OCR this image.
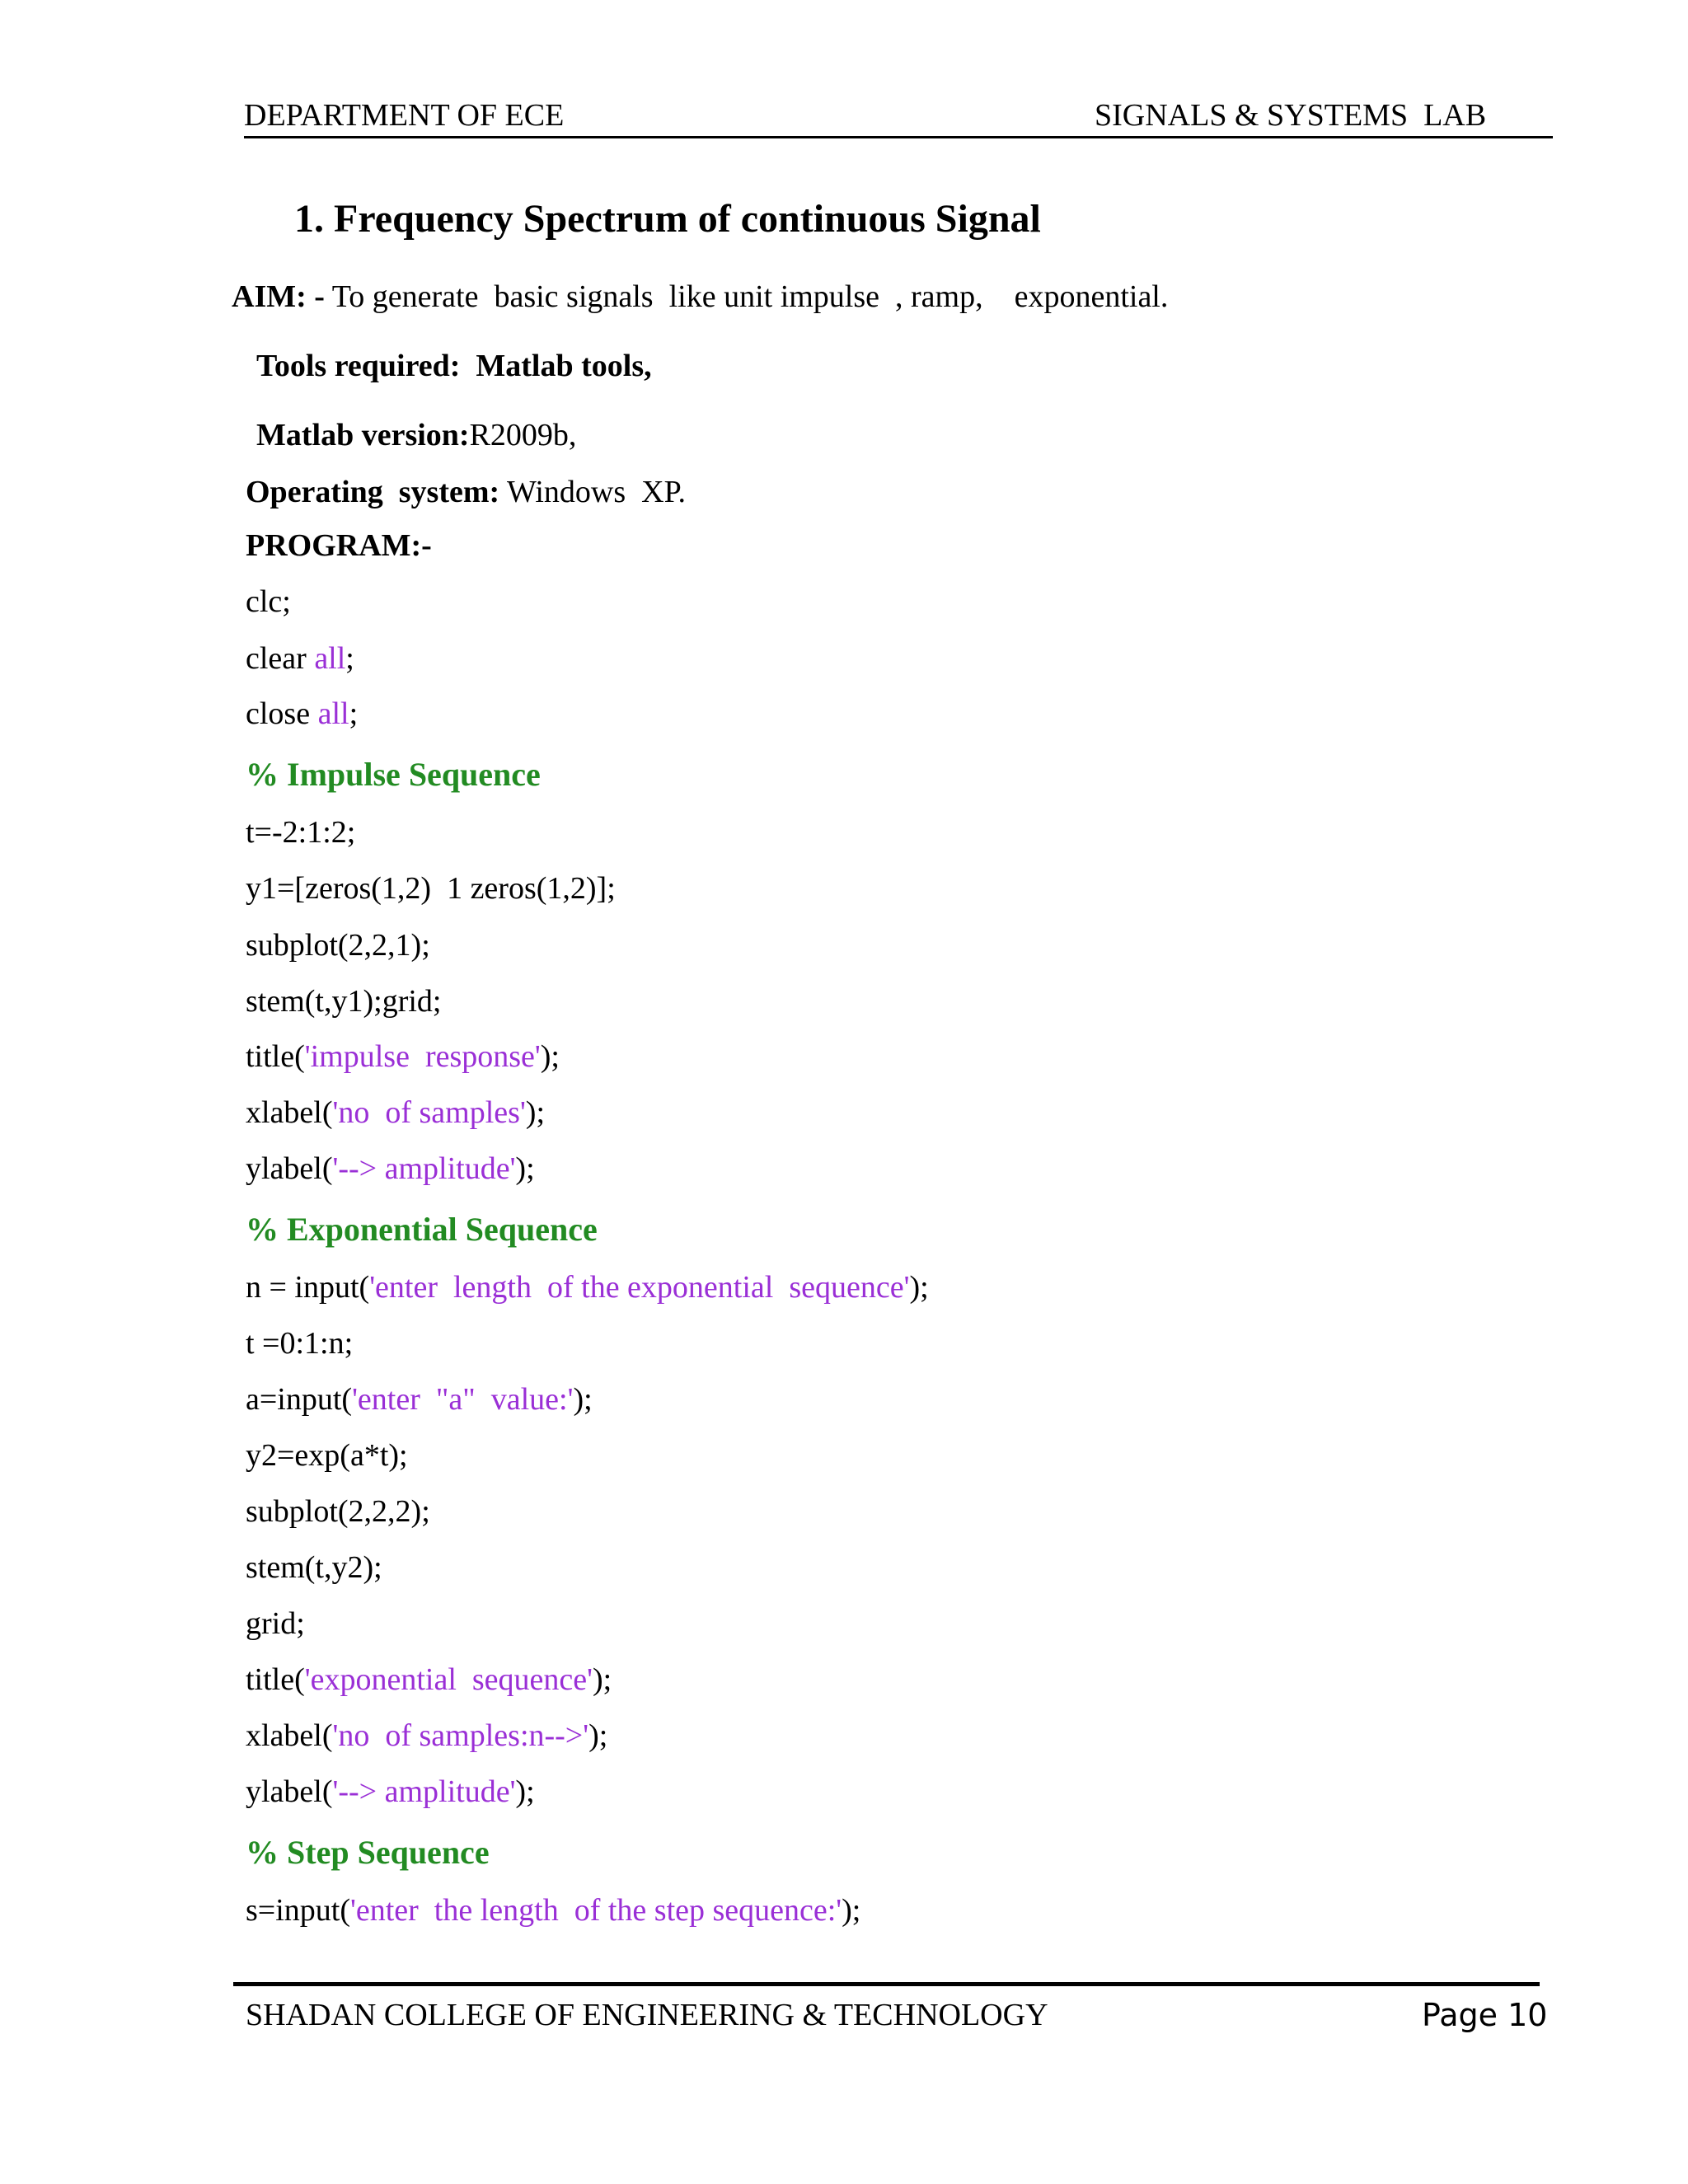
DEPARTMENT OF ECE	SIGNALS & SYSTEMS  LAB
1. Frequency Spectrum of continuous Signal
AIM: - To generate  basic signals  like unit impulse  , ramp,    exponential.
Tools required:  Matlab tools,
Matlab version:R2009b,
Operating  system: Windows  XP.
PROGRAM:-
clc;
clear all;
close all;
% Impulse Sequence
t=-2:1:2;
y1=[zeros(1,2)  1 zeros(1,2)];
subplot(2,2,1);
stem(t,y1);grid;
title('impulse  response');
xlabel('no  of samples');
ylabel('--> amplitude');
% Exponential Sequence
n = input('enter  length  of the exponential  sequence');
t =0:1:n;
a=input('enter  "a"  value:');
y2=exp(a*t);
subplot(2,2,2);
stem(t,y2);
grid;
title('exponential  sequence');
xlabel('no  of samples:n-->');
ylabel('--> amplitude');
% Step Sequence
s=input('enter  the length  of the step sequence:');
SHADAN COLLEGE OF ENGINEERING & TECHNOLOGY	Page 10
